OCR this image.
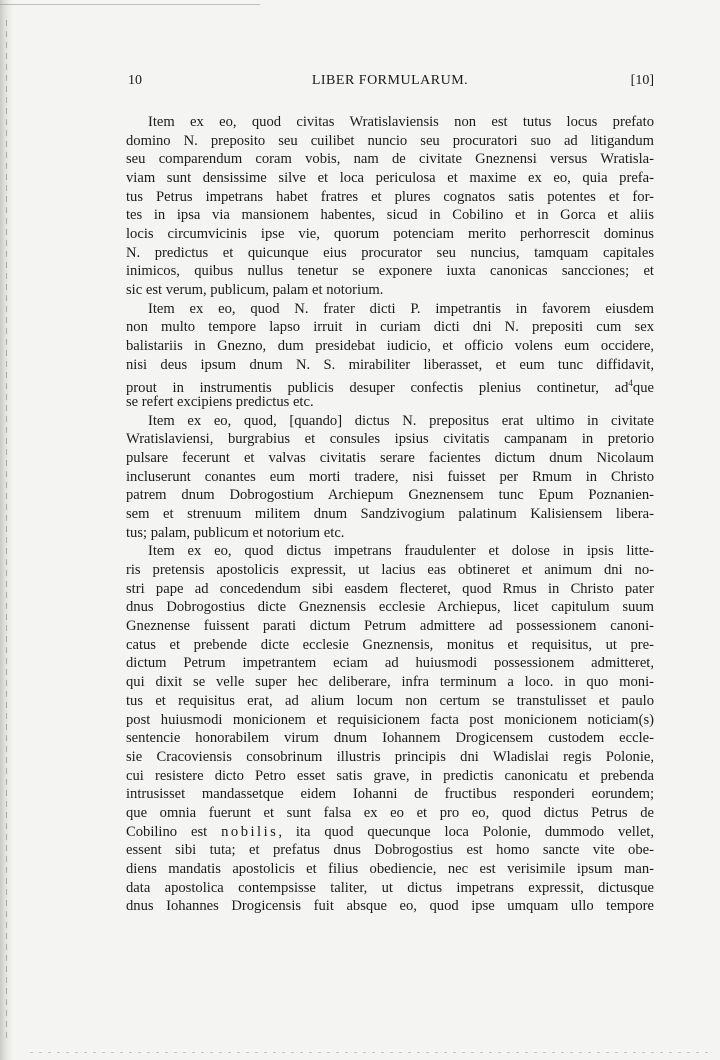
10	LIBER FORMULARUM.	[10]
Item ex eo, quod civitas Wratislaviensis non est tutus locus prefato
domino N. preposito seu cuilibet nuncio seu procuratori suo ad litigandum
seu comparendum coram vobis, nam de civitate Gneznensi versus Wratisla-
viam sunt densissime silve et loca periculosa et maxime ex eo, quia prefa-
tus Petrus impetrans habet fratres et plures cognatos satis potentes et for-
tes in ipsa via mansionem habentes, sicud in Cobilino et in Gorca et aliis
locis circumvicinis ipse vie, quorum potenciam merito perhorrescit dominus
N. predictus et quicunque eius procurator seu nuncius, tamquam capitales
inimicos, quibus nullus tenetur se exponere iuxta canonicas sancciones; et
sic est verum, publicum, palam et notorium.
Item ex eo, quod N. frater dicti P. impetrantis in favorem eiusdem
non multo tempore lapso irruit in curiam dicti dni N. prepositi cum sex
balistariis in Gnezno, dum presidebat iudicio, et officio volens eum occidere,
nisi deus ipsum dnum N. S. mirabiliter liberasset, et eum tunc diffidavit,
prout in instrumentis publicis desuper confectis plenius continetur, $ad^4que$
se refert excipiens predictus etc.
Item ex eo, quod, [quando] dictus N. prepositus erat ultimo in civitate
Wratislaviensi, burgrabius et consules ipsius civitatis campanam in pretorio
pulsare fecerunt et valvas civitatis serare facientes dictum dnum Nicolaum
incluserunt conantes eum morti tradere, nisi fuisset per Rmum in Christo
patrem dnum Dobrogostium Archiepum Gneznensem tunc Epum Poznanien-
sem et strenuum militem dnum Sandzivogium palatinum Kalisiensem libera-
tus; palam, publicum et notorium etc.
Item ex eo, quod dictus impetrans fraudulenter et dolose in ipsis litte-
ris pretensis apostolicis expressit, ut lacius eas obtineret et animum dni no-
stri pape ad concedendum sibi easdem flecteret, quod Rmus in Christo pater
dnus Dobrogostius dicte Gneznensis ecclesie Archiepus, licet capitulum suum
Gneznense fuissent parati dictum Petrum admittere ad possessionem canoni-
catus et prebende dicte ecclesie Gneznensis, monitus et requisitus, ut pre-
dictum Petrum impetrantem eciam ad huiusmodi possessionem admitteret,
qui dixit se velle super hec deliberare, infra terminum a loco. in quo moni-
tus et requisitus erat, ad alium locum non certum se transtulisset et paulo
post huiusmodi monicionem et requisicionem facta post monicionem noticiam(s)
sentencie honorabilem virum dnum Iohannem Drogicensem custodem eccle-
sie Cracoviensis consobrinum illustris principis dni Wladislai regis Polonie,
cui resistere dicto Petro esset satis grave, in predictis canonicatu et prebenda
intrusisset mandassetque eidem Iohanni de fructibus responderi eorundem;
que omnia fuerunt et sunt falsa ex eo et pro eo, quod dictus Petrus de
Cobilino est nobilis, ita quod quecunque loca Polonie, dummodo vellet,
essent sibi tuta; et prefatus dnus Dobrogostius est homo sancte vite obe-
diens mandatis apostolicis et filius obediencie, nec est verisimile ipsum man-
data apostolica contempsisse taliter, ut dictus impetrans expressit, dictusque
dnus Iohannes Drogicensis fuit absque eo, quod ipse umquam ullo tempore
